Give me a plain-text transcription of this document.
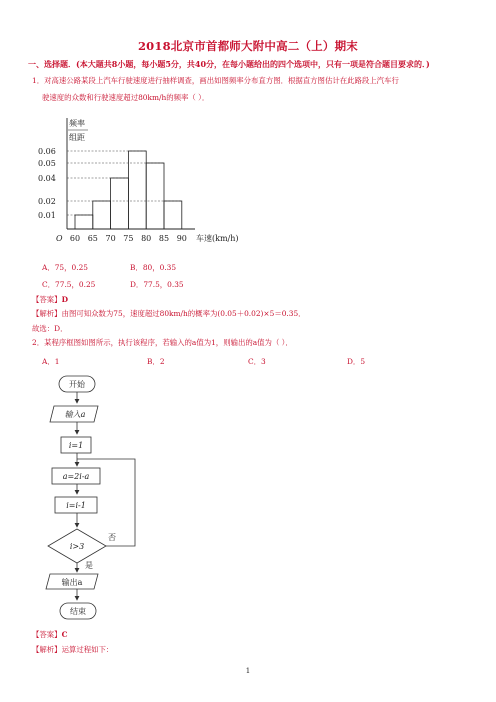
2018北京市首都师大附中高二（上）期末
一、选择题．(本大题共8小题，每小题5分，共40分，在每小题给出的四个选项中，只有一项是符合题目要求的．)
1．对高速公路某段上汽车行驶速度进行抽样调查，画出如图频率分布直方图．根据直方图估计在此路段上汽车行
驶速度的众数和行驶速度超过80km/h的频率（ ）．
0.06
0.05
0.04
0.02
0.01
60 65 70 75 80 85 90
O	车速(km/h)
频率
组距
A．75，0.25	B．80，0.35
C．77.5，0.25	D．77.5，0.35
【答案】D
【解析】由图可知众数为75，速度超过80km/h的概率为(0.05＋0.02)×5＝0.35．
故选：D．
2．某程序框图如图所示，执行该程序，若输入的a值为1，则输出的a值为（ ）．
A．1	B．2	C．3	D．5
开始
输入a
i=1
a=2i-a
i=i-1
i>3
否
是
输出a
结束
【答案】C
【解析】运算过程如下：
1
